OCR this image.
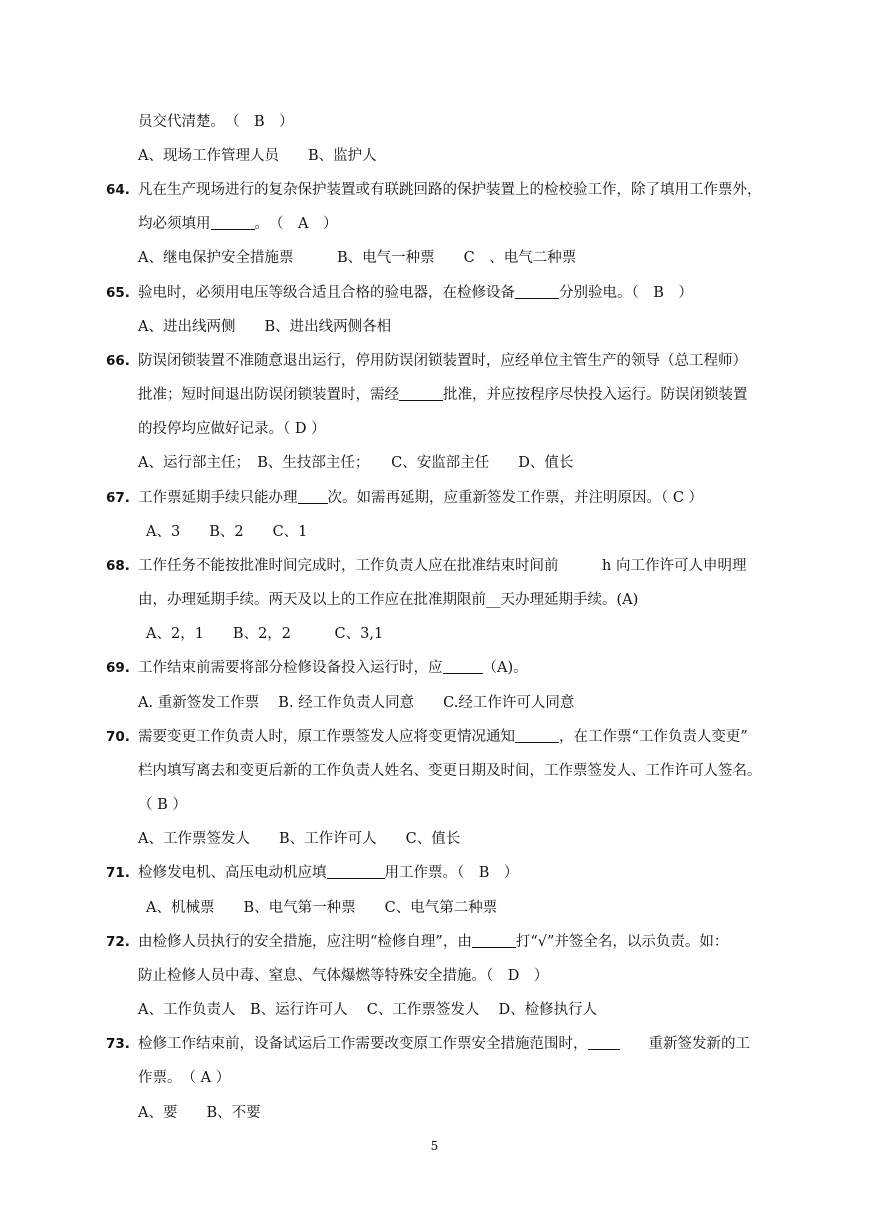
员交代清楚。　（　B　）
A、现场工作管理人员　　B、监护人
64. 凡在生产现场进行的复杂保护装置或有联跳回路的保护装置上的检校验工作，除了填用工作票外，
均必须填用	。　（　A　）
A、继电保护安全措施票　　　B、电气一种票　　C　、电气二种票
65. 验电时，必须用电压等级合适且合格的验电器，在检修设备	分别验电。（　B　）
A、进出线两侧　　B、进出线两侧各相
66. 防误闭锁装置不准随意退出运行，停用防误闭锁装置时，应经单位主管生产的领导（总工程师）
批准；短时间退出防误闭锁装置时，需经	批准，并应按程序尽快投入运行。防误闭锁装置
的投停均应做好记录。（ D ）
A、运行部主任；　B、生技部主任；　　C、安监部主任　　D、值长
67. 工作票延期手续只能办理 次。如需再延期，应重新签发工作票，并注明原因。（ C ）
A、3　　B、2　　C、1
68. 工作任务不能按批准时间完成时，工作负责人应在批准结束时间前　　　h 向工作许可人申明理
由，办理延期手续。两天及以上的工作应在批准期限前__天办理延期手续。(A)
A、2，1　　B、2，2　　　C、3,1
69. 工作结束前需要将部分检修设备投入运行时，应	（A)。
A. 重新签发工作票　 B. 经工作负责人同意　　C.经工作许可人同意
70. 需要变更工作负责人时，原工作票签发人应将变更情况通知	，在工作票“工作负责人变更”
栏内填写离去和变更后新的工作负责人姓名、变更日期及时间，工作票签发人、工作许可人签名。
（ B ）
A、工作票签发人　　B、工作许可人　　C、值长
71. 检修发电机、高压电动机应填	用工作票。（　B　）
A、机械票　　B、电气第一种票　　C、电气第二种票
72. 由检修人员执行的安全措施，应注明“检修自理”，由	打“√”并签全名，以示负责。如：
防止检修人员中毒、窒息、气体爆燃等特殊安全措施。（　D　）
A、工作负责人　B、运行许可人　 C、工作票签发人　 D、检修执行人
73. 检修工作结束前，设备试运后工作需要改变原工作票安全措施范围时，　　重新签发新的工
作票。　（ A ）
A、要　　B、不要
5
